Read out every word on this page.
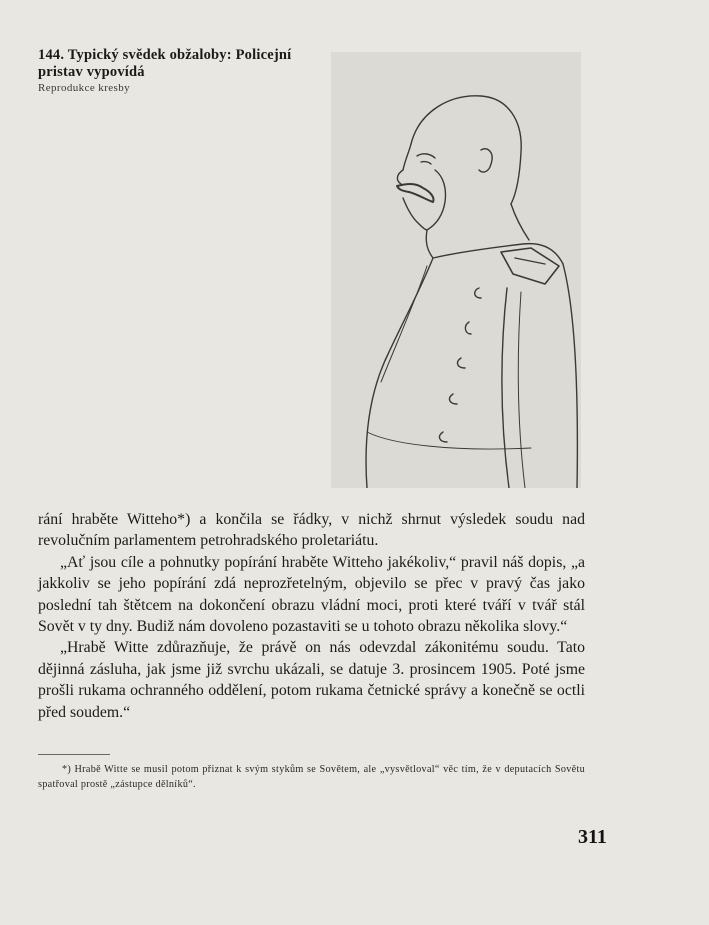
144. Typický svědek obžaloby: Policejní pristav vypovídá
Reprodukce kresby

rání hraběte Witteho*) a končila se řádky, v nichž shrnut výsledek soudu nad revolučním parlamentem petrohradského proletariátu.

„Ať jsou cíle a pohnutky popírání hraběte Witteho jakékoliv,“ pravil náš dopis, „a jakkoliv se jeho popírání zdá neprozřetelným, objevilo se přec v pravý čas jako poslední tah štětcem na dokončení obrazu vládní moci, proti které tváří v tvář stál Sovět v ty dny. Budiž nám dovoleno pozastaviti se u tohoto obrazu několika slovy.“

„Hrabě Witte zdůrazňuje, že právě on nás odevzdal zákonitému soudu. Tato dějinná zásluha, jak jsme již svrchu ukázali, se datuje 3. prosincem 1905. Poté jsme prošli rukama ochranného oddělení, potom rukama četnické správy a konečně se octli před soudem.“

*) Hrabě Witte se musil potom přiznat k svým stykům se Sovětem, ale „vysvětloval“ věc tím, že v deputacích Sovětu spatřoval prostě „zástupce dělníků“.
311
